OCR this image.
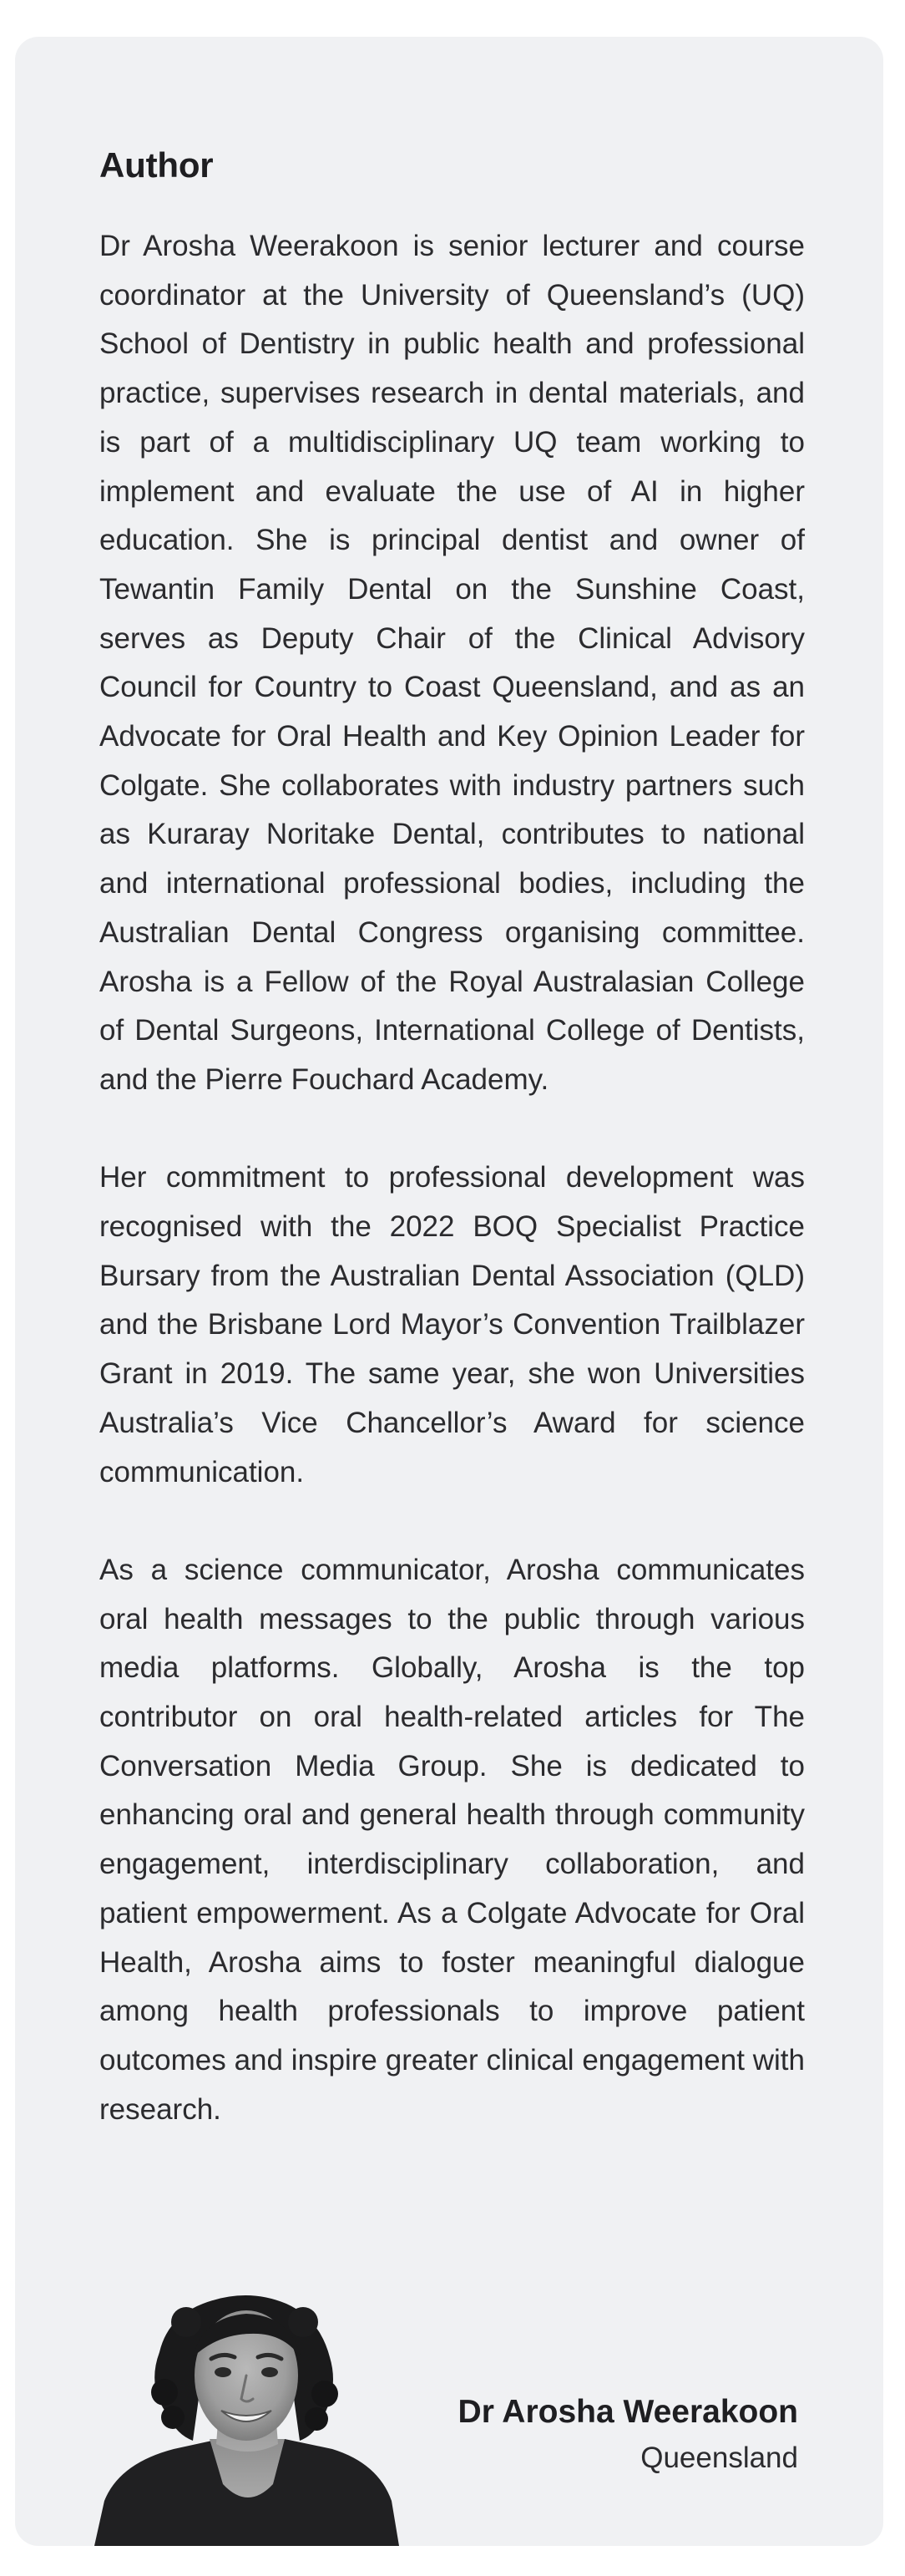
Author

Dr Arosha Weerakoon is senior lecturer and course coordinator at the University of Queensland’s (UQ) School of Dentistry in public health and professional practice, supervises research in dental materials, and is part of a multidisciplinary UQ team working to implement and evaluate the use of AI in higher education. She is principal dentist and owner of Tewantin Family Dental on the Sunshine Coast, serves as Deputy Chair of the Clinical Advisory Council for Country to Coast Queensland, and as an Advocate for Oral Health and Key Opinion Leader for Colgate. She collaborates with industry partners such as Kuraray Noritake Dental, contributes to national and international professional bodies, including the Australian Dental Congress organising committee. Arosha is a Fellow of the Royal Australasian College of Dental Surgeons, International College of Dentists, and the Pierre Fouchard Academy.

Her commitment to professional development was recognised with the 2022 BOQ Specialist Practice Bursary from the Australian Dental Association (QLD) and the Brisbane Lord Mayor’s Convention Trailblazer Grant in 2019. The same year, she won Universities Australia’s Vice Chancellor’s Award for science communication.

As a science communicator, Arosha communicates oral health messages to the public through various media platforms. Globally, Arosha is the top contributor on oral health-related articles for The Conversation Media Group. She is dedicated to enhancing oral and general health through community engagement, interdisciplinary collaboration, and patient empowerment. As a Colgate Advocate for Oral Health, Arosha aims to foster meaningful dialogue among health professionals to improve patient outcomes and inspire greater clinical engagement with research.

Dr Arosha Weerakoon
Queensland
